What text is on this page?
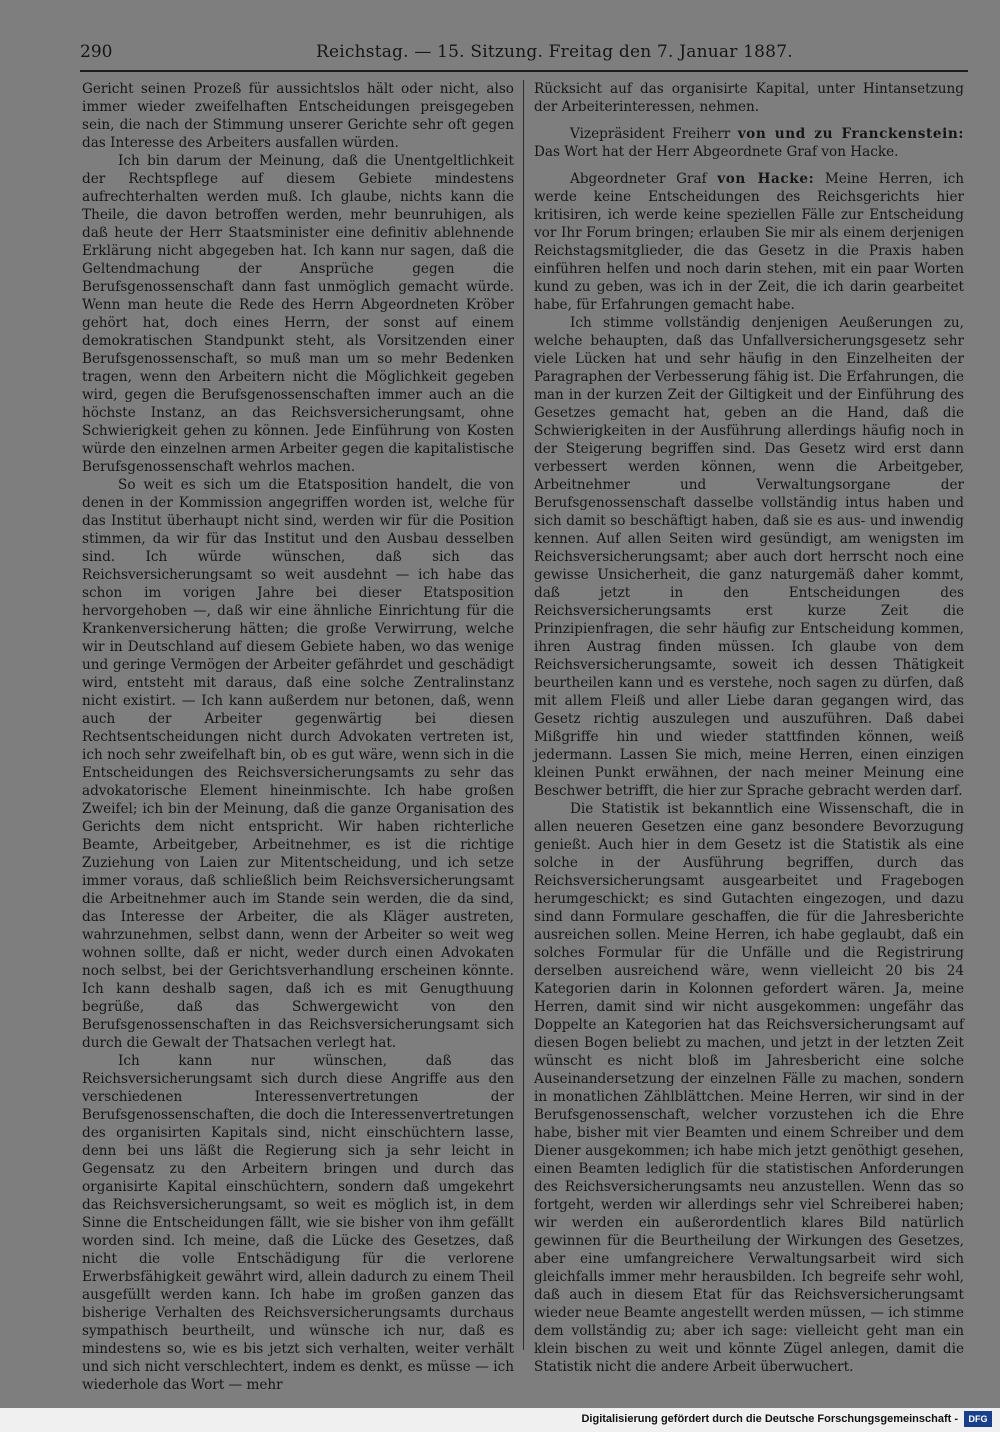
290	Reichstag. — 15. Sitzung. Freitag den 7. Januar 1887.

Gericht seinen Prozeß für aussichtslos hält oder nicht, also immer wieder zweifelhaften Entscheidungen preisgegeben sein, die nach der Stimmung unserer Gerichte sehr oft gegen das Interesse des Arbeiters ausfallen würden.

Ich bin darum der Meinung, daß die Unentgeltlichkeit der Rechtspflege auf diesem Gebiete mindestens aufrechterhalten werden muß. Ich glaube, nichts kann die Theile, die davon betroffen werden, mehr beunruhigen, als daß heute der Herr Staatsminister eine definitiv ablehnende Erklärung nicht abgegeben hat. Ich kann nur sagen, daß die Geltendmachung der Ansprüche gegen die Berufsgenossenschaft dann fast unmöglich gemacht würde. Wenn man heute die Rede des Herrn Abgeordneten Kröber gehört hat, doch eines Herrn, der sonst auf einem demokratischen Standpunkt steht, als Vorsitzenden einer Berufsgenossenschaft, so muß man um so mehr Bedenken tragen, wenn den Arbeitern nicht die Möglichkeit gegeben wird, gegen die Berufsgenossenschaften immer auch an die höchste Instanz, an das Reichsversicherungsamt, ohne Schwierigkeit gehen zu können. Jede Einführung von Kosten würde den einzelnen armen Arbeiter gegen die kapitalistische Berufsgenossenschaft wehrlos machen.

So weit es sich um die Etatsposition handelt, die von denen in der Kommission angegriffen worden ist, welche für das Institut überhaupt nicht sind, werden wir für die Position stimmen, da wir für das Institut und den Ausbau desselben sind. Ich würde wünschen, daß sich das Reichsversicherungsamt so weit ausdehnt — ich habe das schon im vorigen Jahre bei dieser Etatsposition hervorgehoben —, daß wir eine ähnliche Einrichtung für die Krankenversicherung hätten; die große Verwirrung, welche wir in Deutschland auf diesem Gebiete haben, wo das wenige und geringe Vermögen der Arbeiter gefährdet und geschädigt wird, entsteht mit daraus, daß eine solche Zentralinstanz nicht existirt. — Ich kann außerdem nur betonen, daß, wenn auch der Arbeiter gegenwärtig bei diesen Rechtsentscheidungen nicht durch Advokaten vertreten ist, ich noch sehr zweifelhaft bin, ob es gut wäre, wenn sich in die Entscheidungen des Reichsversicherungsamts zu sehr das advokatorische Element hineinmischte. Ich habe großen Zweifel; ich bin der Meinung, daß die ganze Organisation des Gerichts dem nicht entspricht. Wir haben richterliche Beamte, Arbeitgeber, Arbeitnehmer, es ist die richtige Zuziehung von Laien zur Mitentscheidung, und ich setze immer voraus, daß schließlich beim Reichsversicherungsamt die Arbeitnehmer auch im Stande sein werden, die da sind, das Interesse der Arbeiter, die als Kläger austreten, wahrzunehmen, selbst dann, wenn der Arbeiter so weit weg wohnen sollte, daß er nicht, weder durch einen Advokaten noch selbst, bei der Gerichtsverhandlung erscheinen könnte. Ich kann deshalb sagen, daß ich es mit Genugthuung begrüße, daß das Schwergewicht von den Berufsgenossenschaften in das Reichsversicherungsamt sich durch die Gewalt der Thatsachen verlegt hat.

Ich kann nur wünschen, daß das Reichsversicherungsamt sich durch diese Angriffe aus den verschiedenen Interessenvertretungen der Berufsgenossenschaften, die doch die Interessenvertretungen des organisirten Kapitals sind, nicht einschüchtern lasse, denn bei uns läßt die Regierung sich ja sehr leicht in Gegensatz zu den Arbeitern bringen und durch das organisirte Kapital einschüchtern, sondern daß umgekehrt das Reichsversicherungsamt, so weit es möglich ist, in dem Sinne die Entscheidungen fällt, wie sie bisher von ihm gefällt worden sind. Ich meine, daß die Lücke des Gesetzes, daß nicht die volle Entschädigung für die verlorene Erwerbsfähigkeit gewährt wird, allein dadurch zu einem Theil ausgefüllt werden kann. Ich habe im großen ganzen das bisherige Verhalten des Reichsversicherungsamts durchaus sympathisch beurtheilt, und wünsche ich nur, daß es mindestens so, wie es bis jetzt sich verhalten, weiter verhält und sich nicht verschlechtert, indem es denkt, es müsse — ich wiederhole das Wort — mehr

Rücksicht auf das organisirte Kapital, unter Hintansetzung der Arbeiterinteressen, nehmen.

Vizepräsident Freiherr von und zu Franckenstein: Das Wort hat der Herr Abgeordnete Graf von Hacke.

Abgeordneter Graf von Hacke: Meine Herren, ich werde keine Entscheidungen des Reichsgerichts hier kritisiren, ich werde keine speziellen Fälle zur Entscheidung vor Ihr Forum bringen; erlauben Sie mir als einem derjenigen Reichstagsmitglieder, die das Gesetz in die Praxis haben einführen helfen und noch darin stehen, mit ein paar Worten kund zu geben, was ich in der Zeit, die ich darin gearbeitet habe, für Erfahrungen gemacht habe.

Ich stimme vollständig denjenigen Aeußerungen zu, welche behaupten, daß das Unfallversicherungsgesetz sehr viele Lücken hat und sehr häufig in den Einzelheiten der Paragraphen der Verbesserung fähig ist. Die Erfahrungen, die man in der kurzen Zeit der Giltigkeit und der Einführung des Gesetzes gemacht hat, geben an die Hand, daß die Schwierigkeiten in der Ausführung allerdings häufig noch in der Steigerung begriffen sind. Das Gesetz wird erst dann verbessert werden können, wenn die Arbeitgeber, Arbeitnehmer und Verwaltungsorgane der Berufsgenossenschaft dasselbe vollständig intus haben und sich damit so beschäftigt haben, daß sie es aus- und inwendig kennen. Auf allen Seiten wird gesündigt, am wenigsten im Reichsversicherungsamt; aber auch dort herrscht noch eine gewisse Unsicherheit, die ganz naturgemäß daher kommt, daß jetzt in den Entscheidungen des Reichsversicherungsamts erst kurze Zeit die Prinzipienfragen, die sehr häufig zur Entscheidung kommen, ihren Austrag finden müssen. Ich glaube von dem Reichsversicherungsamte, soweit ich dessen Thätigkeit beurtheilen kann und es verstehe, noch sagen zu dürfen, daß mit allem Fleiß und aller Liebe daran gegangen wird, das Gesetz richtig auszulegen und auszuführen. Daß dabei Mißgriffe hin und wieder stattfinden können, weiß jedermann. Lassen Sie mich, meine Herren, einen einzigen kleinen Punkt erwähnen, der nach meiner Meinung eine Beschwer betrifft, die hier zur Sprache gebracht werden darf.

Die Statistik ist bekanntlich eine Wissenschaft, die in allen neueren Gesetzen eine ganz besondere Bevorzugung genießt. Auch hier in dem Gesetz ist die Statistik als eine solche in der Ausführung begriffen, durch das Reichsversicherungsamt ausgearbeitet und Fragebogen herumgeschickt; es sind Gutachten eingezogen, und dazu sind dann Formulare geschaffen, die für die Jahresberichte ausreichen sollen. Meine Herren, ich habe geglaubt, daß ein solches Formular für die Unfälle und die Registrirung derselben ausreichend wäre, wenn vielleicht 20 bis 24 Kategorien darin in Kolonnen gefordert wären. Ja, meine Herren, damit sind wir nicht ausgekommen: ungefähr das Doppelte an Kategorien hat das Reichsversicherungsamt auf diesen Bogen beliebt zu machen, und jetzt in der letzten Zeit wünscht es nicht bloß im Jahresbericht eine solche Auseinandersetzung der einzelnen Fälle zu machen, sondern in monatlichen Zählblättchen. Meine Herren, wir sind in der Berufsgenossenschaft, welcher vorzustehen ich die Ehre habe, bisher mit vier Beamten und einem Schreiber und dem Diener ausgekommen; ich habe mich jetzt genöthigt gesehen, einen Beamten lediglich für die statistischen Anforderungen des Reichsversicherungsamts neu anzustellen. Wenn das so fortgeht, werden wir allerdings sehr viel Schreiberei haben; wir werden ein außerordentlich klares Bild natürlich gewinnen für die Beurtheilung der Wirkungen des Gesetzes, aber eine umfangreichere Verwaltungsarbeit wird sich gleichfalls immer mehr herausbilden. Ich begreife sehr wohl, daß auch in diesem Etat für das Reichsversicherungsamt wieder neue Beamte angestellt werden müssen, — ich stimme dem vollständig zu; aber ich sage: vielleicht geht man ein klein bischen zu weit und könnte Zügel anlegen, damit die Statistik nicht die andere Arbeit überwuchert.

Digitalisierung gefördert durch die Deutsche Forschungsgemeinschaft -	DFG
